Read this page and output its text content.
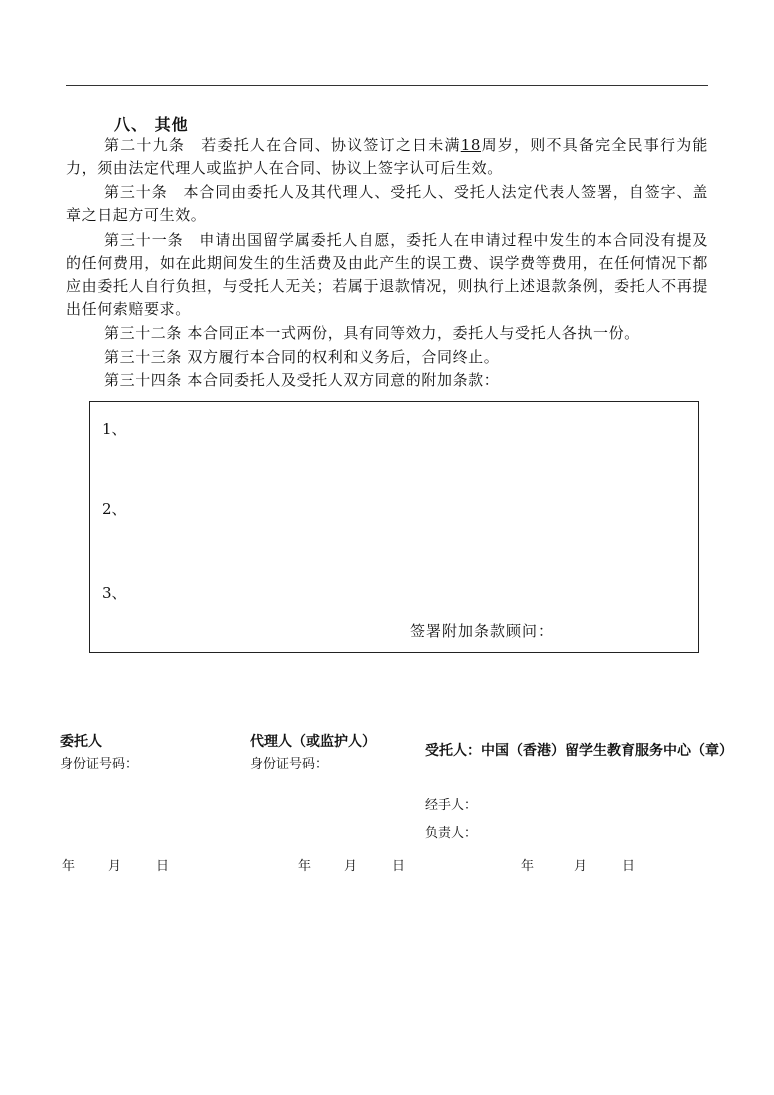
八、 其他
第二十九条　若委托人在合同、协议签订之日未满18周岁，则不具备完全民事行为能力，须由法定代理人或监护人在合同、协议上签字认可后生效。
第三十条　本合同由委托人及其代理人、受托人、受托人法定代表人签署，自签字、盖章之日起方可生效。
第三十一条　申请出国留学属委托人自愿，委托人在申请过程中发生的本合同没有提及的任何费用，如在此期间发生的生活费及由此产生的误工费、误学费等费用，在任何情况下都应由委托人自行负担，与受托人无关；若属于退款情况，则执行上述退款条例，委托人不再提出任何索赔要求。
第三十二条 本合同正本一式两份，具有同等效力，委托人与受托人各执一份。
第三十三条 双方履行本合同的权利和义务后，合同终止。
第三十四条 本合同委托人及受托人双方同意的附加条款：
1、
2、
3、
签署附加条款顾问：
委托人
身份证号码：
代理人（或监护人）
身份证号码：
受托人：中国（香港）留学生教育服务中心（章）
经手人：
负责人：
年	月	日	年	月	日	年	月	日
